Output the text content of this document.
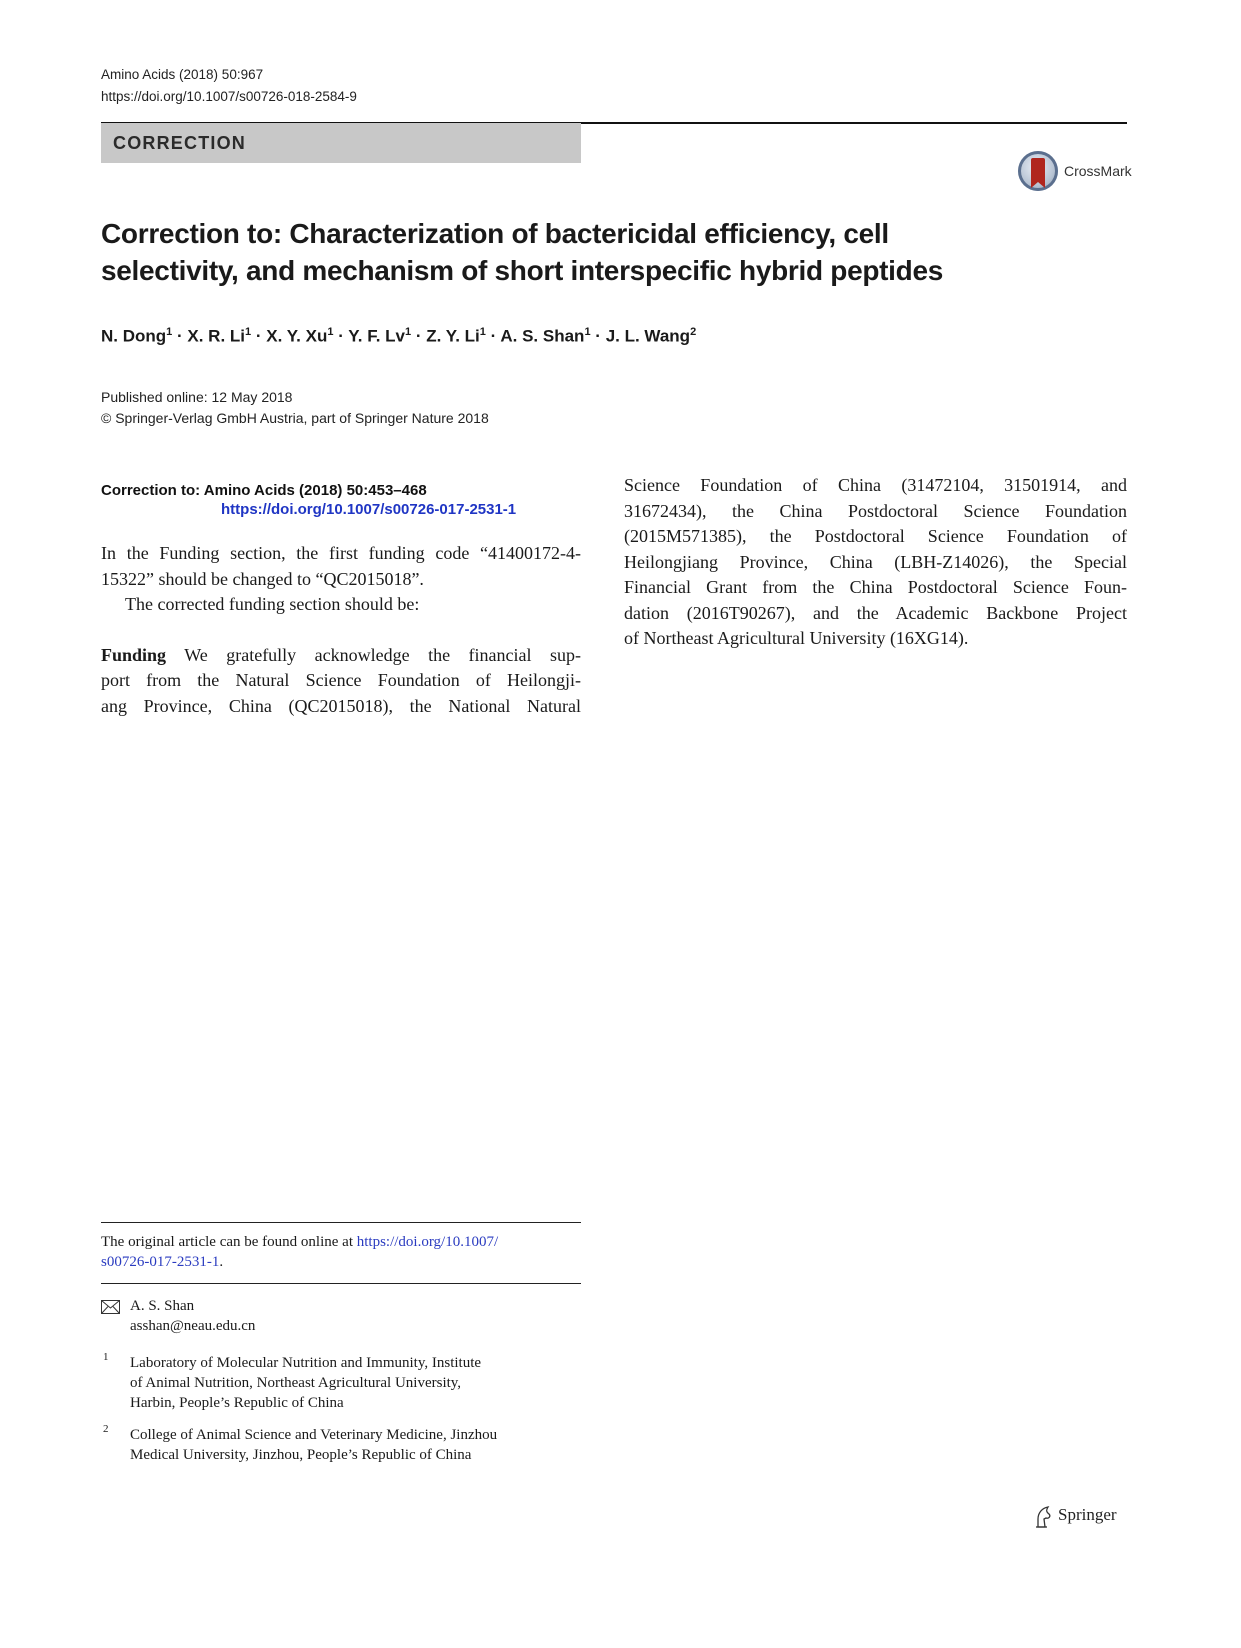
Amino Acids (2018) 50:967
https://doi.org/10.1007/s00726-018-2584-9
CORRECTION
CrossMark
Correction to: Characterization of bactericidal efficiency, cell
selectivity, and mechanism of short interspecific hybrid peptides
N. Dong$^1$ · X. R. $Li^1 \cdot X$. Y. $Xu^1 \cdot Y$. F. $Lv^1 \cdot Z$. Y. $Li^1 \cdot A$. S. Shan$^1$ · J. L. Wang$^2$
Published online: 12 May 2018
© Springer-Verlag GmbH Austria, part of Springer Nature 2018
Correction to: Amino Acids (2018) 50:453–468
https://doi.org/10.1007/s00726-017-2531-1
In the Funding section, the first funding code “41400172-4-
15322” should be changed to “QC2015018”.
The corrected funding section should be:
Funding We gratefully acknowledge the financial sup-
port from the Natural Science Foundation of Heilongji-
ang Province, China (QC2015018), the National Natural
Science Foundation of China (31472104, 31501914, and
31672434), the China Postdoctoral Science Foundation
(2015M571385), the Postdoctoral Science Foundation of
Heilongjiang Province, China (LBH-Z14026), the Special
Financial Grant from the China Postdoctoral Science Foun-
dation (2016T90267), and the Academic Backbone Project
of Northeast Agricultural University (16XG14).
The original article can be found online at https://doi.org/10.1007/
s00726-017-2531-1.
A. S. Shan
asshan@neau.edu.cn
1 Laboratory of Molecular Nutrition and Immunity, Institute
of Animal Nutrition, Northeast Agricultural University,
Harbin, People’s Republic of China
2 College of Animal Science and Veterinary Medicine, Jinzhou
Medical University, Jinzhou, People’s Republic of China
Springer
